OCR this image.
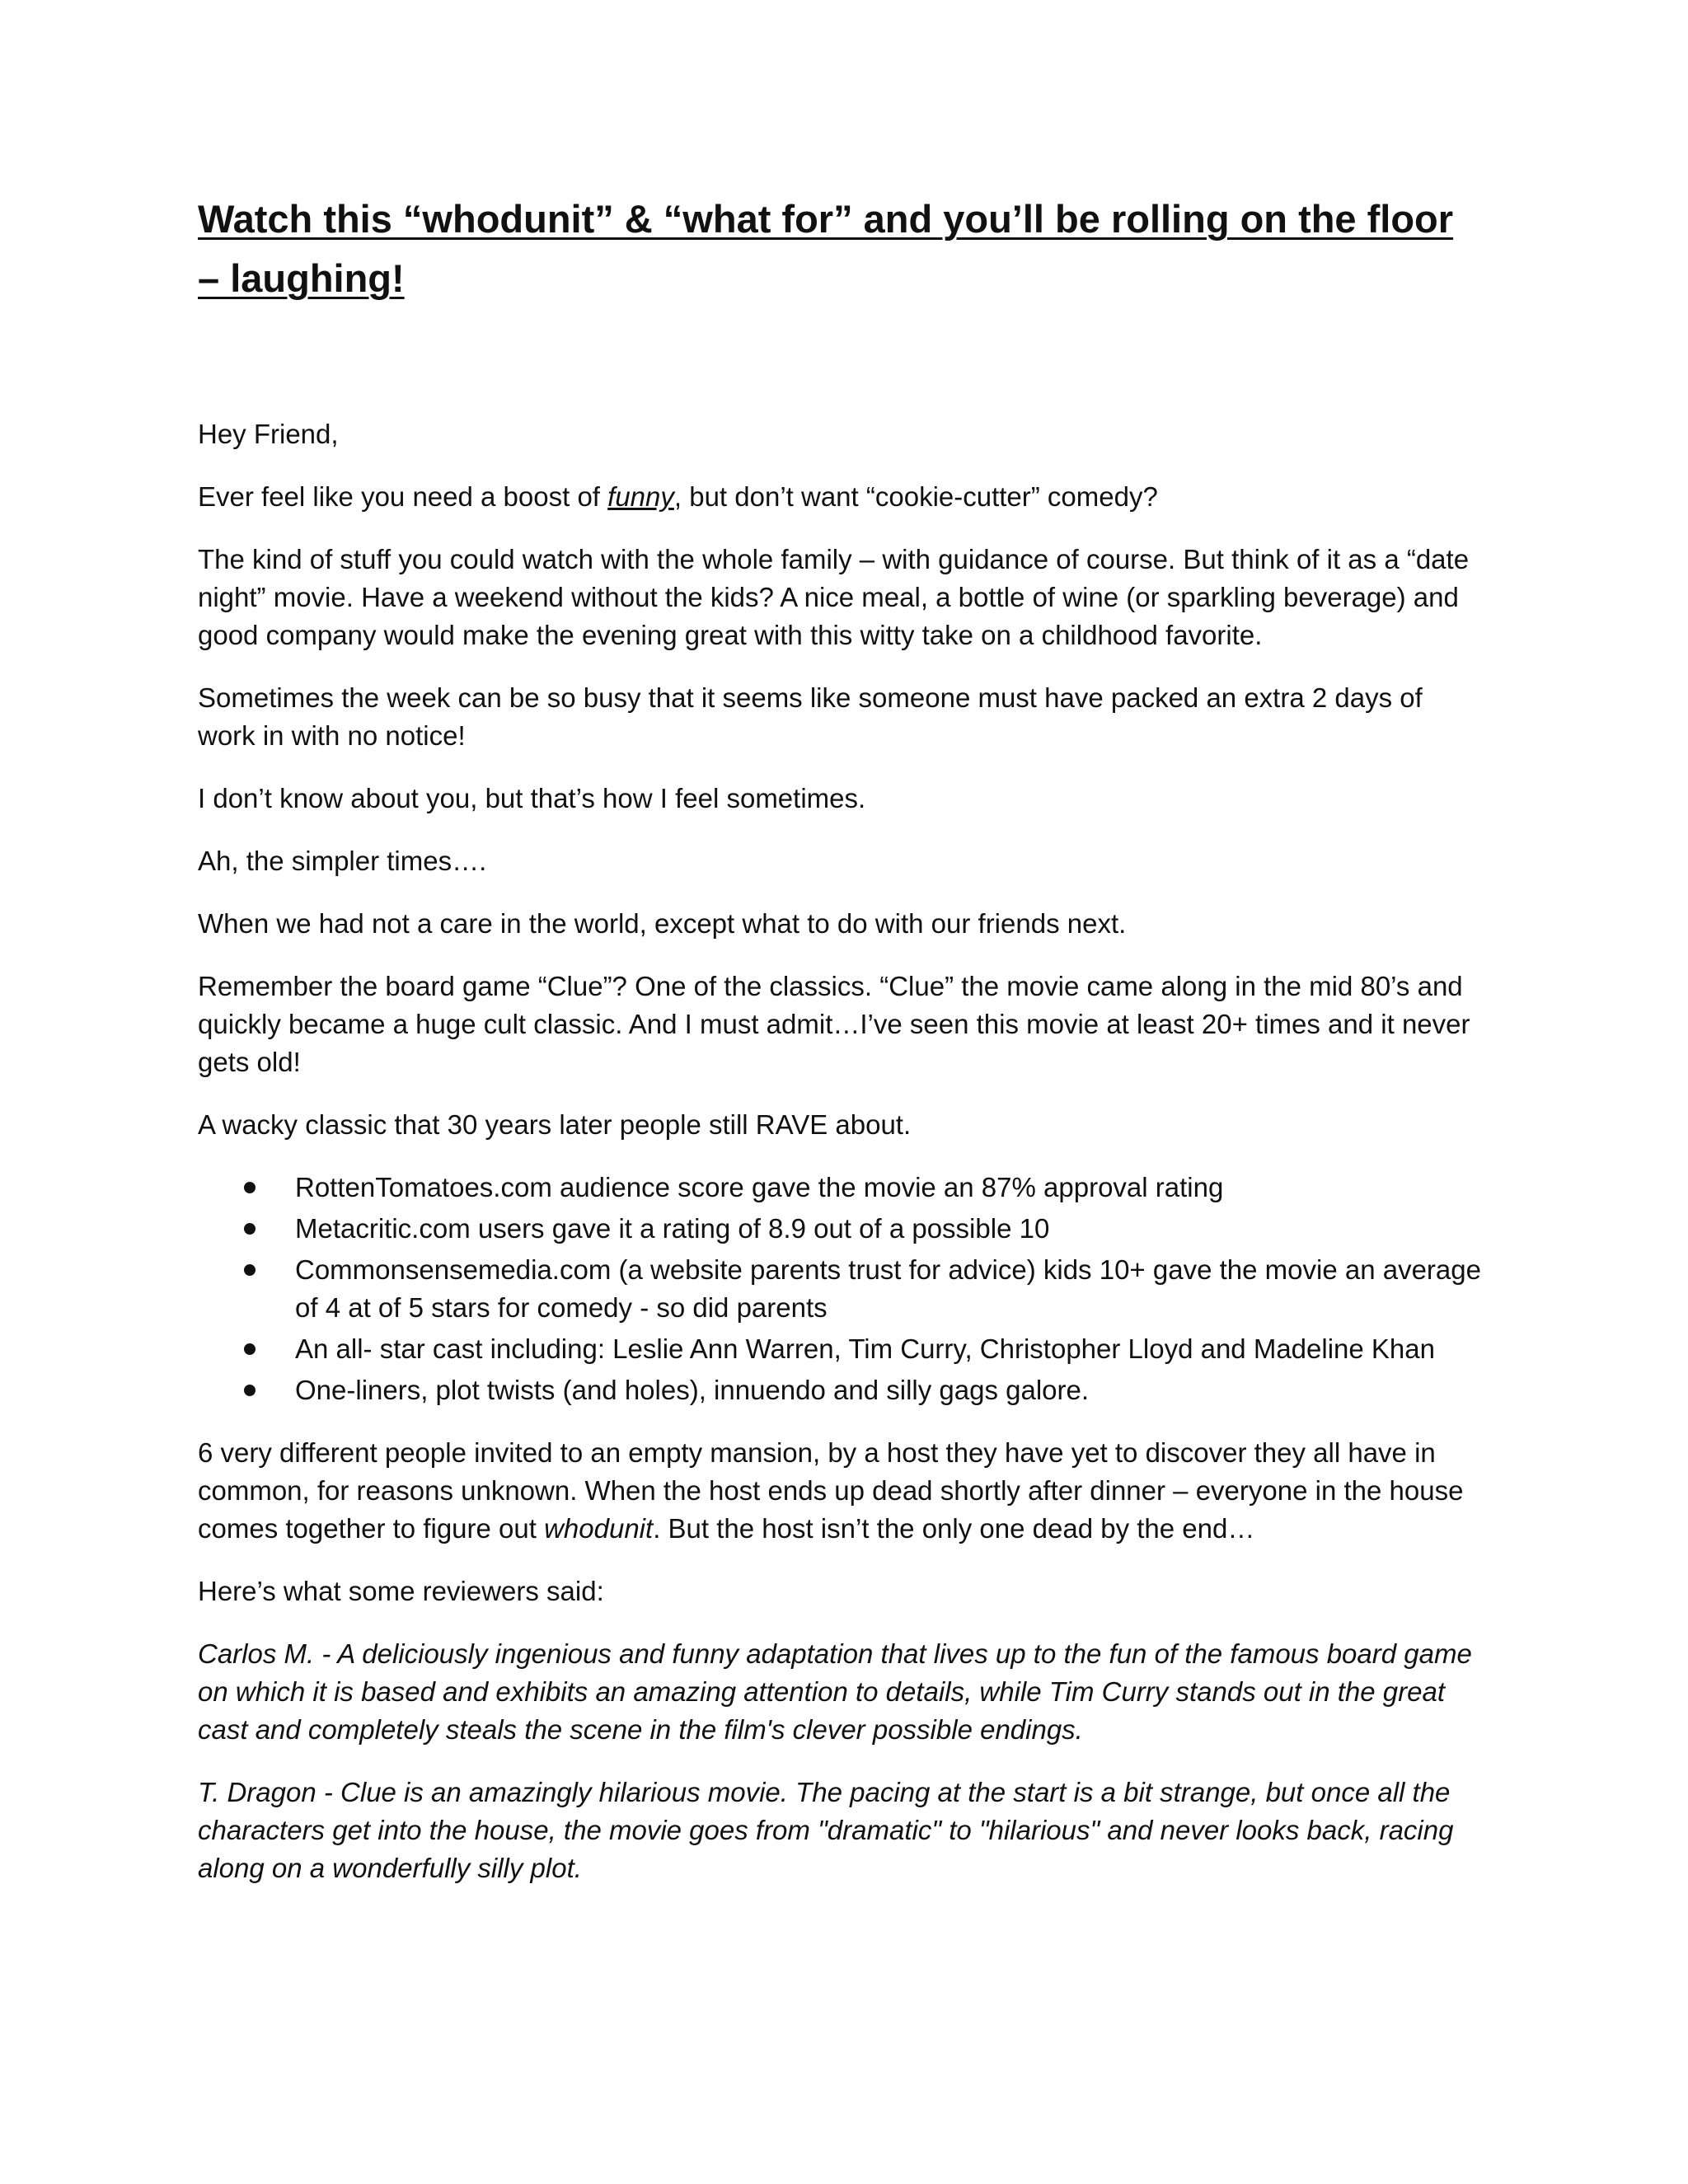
Watch this “whodunit” & “what for” and you’ll be rolling on the floor – laughing!

Hey Friend,

Ever feel like you need a boost of funny, but don’t want “cookie-cutter” comedy?

The kind of stuff you could watch with the whole family – with guidance of course. But think of it as a “date night” movie. Have a weekend without the kids? A nice meal, a bottle of wine (or sparkling beverage) and good company would make the evening great with this witty take on a childhood favorite.

Sometimes the week can be so busy that it seems like someone must have packed an extra 2 days of work in with no notice!

I don’t know about you, but that’s how I feel sometimes.

Ah, the simpler times….

When we had not a care in the world, except what to do with our friends next.

Remember the board game “Clue”? One of the classics. “Clue” the movie came along in the mid 80’s and quickly became a huge cult classic. And I must admit…I’ve seen this movie at least 20+ times and it never gets old!

A wacky classic that 30 years later people still RAVE about.

RottenTomatoes.com audience score gave the movie an 87% approval rating
Metacritic.com users gave it a rating of 8.9 out of a possible 10
Commonsensemedia.com (a website parents trust for advice) kids 10+ gave the movie an average of 4 at of 5 stars for comedy - so did parents
An all- star cast including: Leslie Ann Warren, Tim Curry, Christopher Lloyd and Madeline Khan
One-liners, plot twists (and holes), innuendo and silly gags galore.

6 very different people invited to an empty mansion, by a host they have yet to discover they all have in common, for reasons unknown. When the host ends up dead shortly after dinner – everyone in the house comes together to figure out whodunit. But the host isn’t the only one dead by the end…

Here’s what some reviewers said:

Carlos M. - A deliciously ingenious and funny adaptation that lives up to the fun of the famous board game on which it is based and exhibits an amazing attention to details, while Tim Curry stands out in the great cast and completely steals the scene in the film's clever possible endings.

T. Dragon - Clue is an amazingly hilarious movie. The pacing at the start is a bit strange, but once all the characters get into the house, the movie goes from "dramatic" to "hilarious" and never looks back, racing along on a wonderfully silly plot.
